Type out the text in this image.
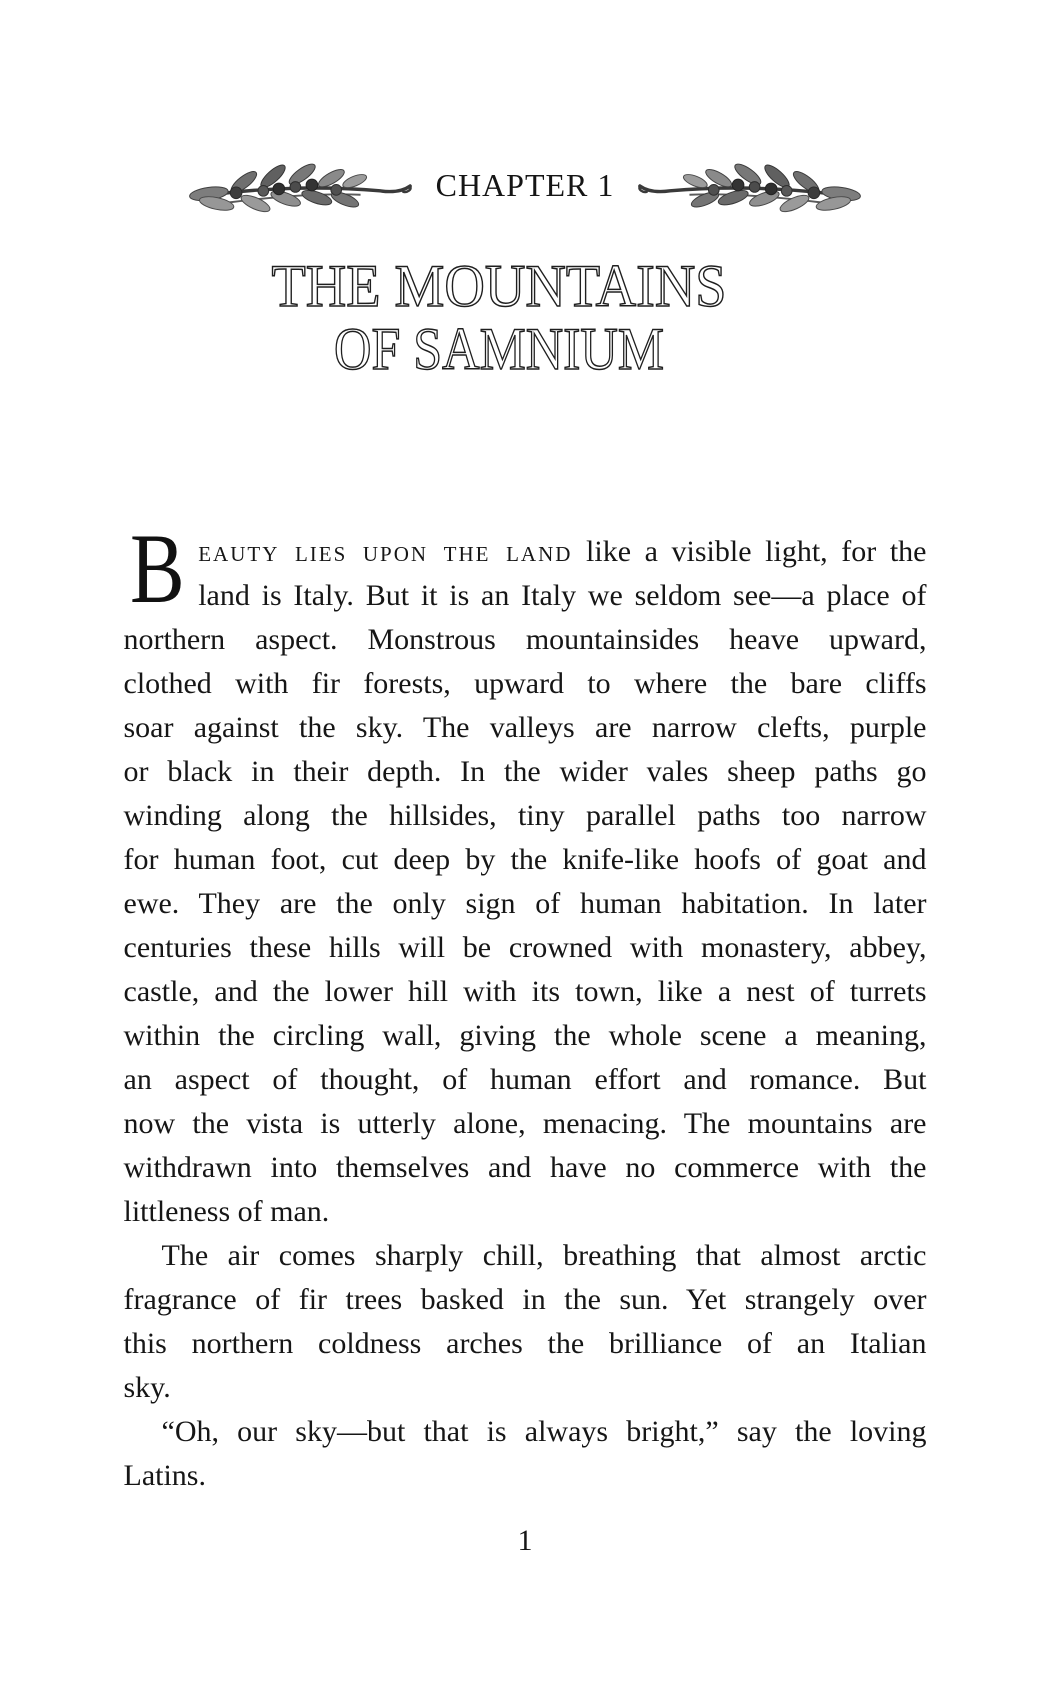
CHAPTER 1
THE MOUNTAINS
OF SAMNIUM
Beauty lies upon the land like a visible light, for the
land is Italy. But it is an Italy we seldom see—a place of
northern aspect. Monstrous mountainsides heave upward,
clothed with fir forests, upward to where the bare cliffs
soar against the sky. The valleys are narrow clefts, purple
or black in their depth. In the wider vales sheep paths go
winding along the hillsides, tiny parallel paths too narrow
for human foot, cut deep by the knife-like hoofs of goat and
ewe. They are the only sign of human habitation. In later
centuries these hills will be crowned with monastery, abbey,
castle, and the lower hill with its town, like a nest of turrets
within the circling wall, giving the whole scene a meaning,
an aspect of thought, of human effort and romance. But
now the vista is utterly alone, menacing. The mountains are
withdrawn into themselves and have no commerce with the
littleness of man.
The air comes sharply chill, breathing that almost arctic
fragrance of fir trees basked in the sun. Yet strangely over
this northern coldness arches the brilliance of an Italian
sky.
“Oh, our sky—but that is always bright,” say the loving
Latins.
1
